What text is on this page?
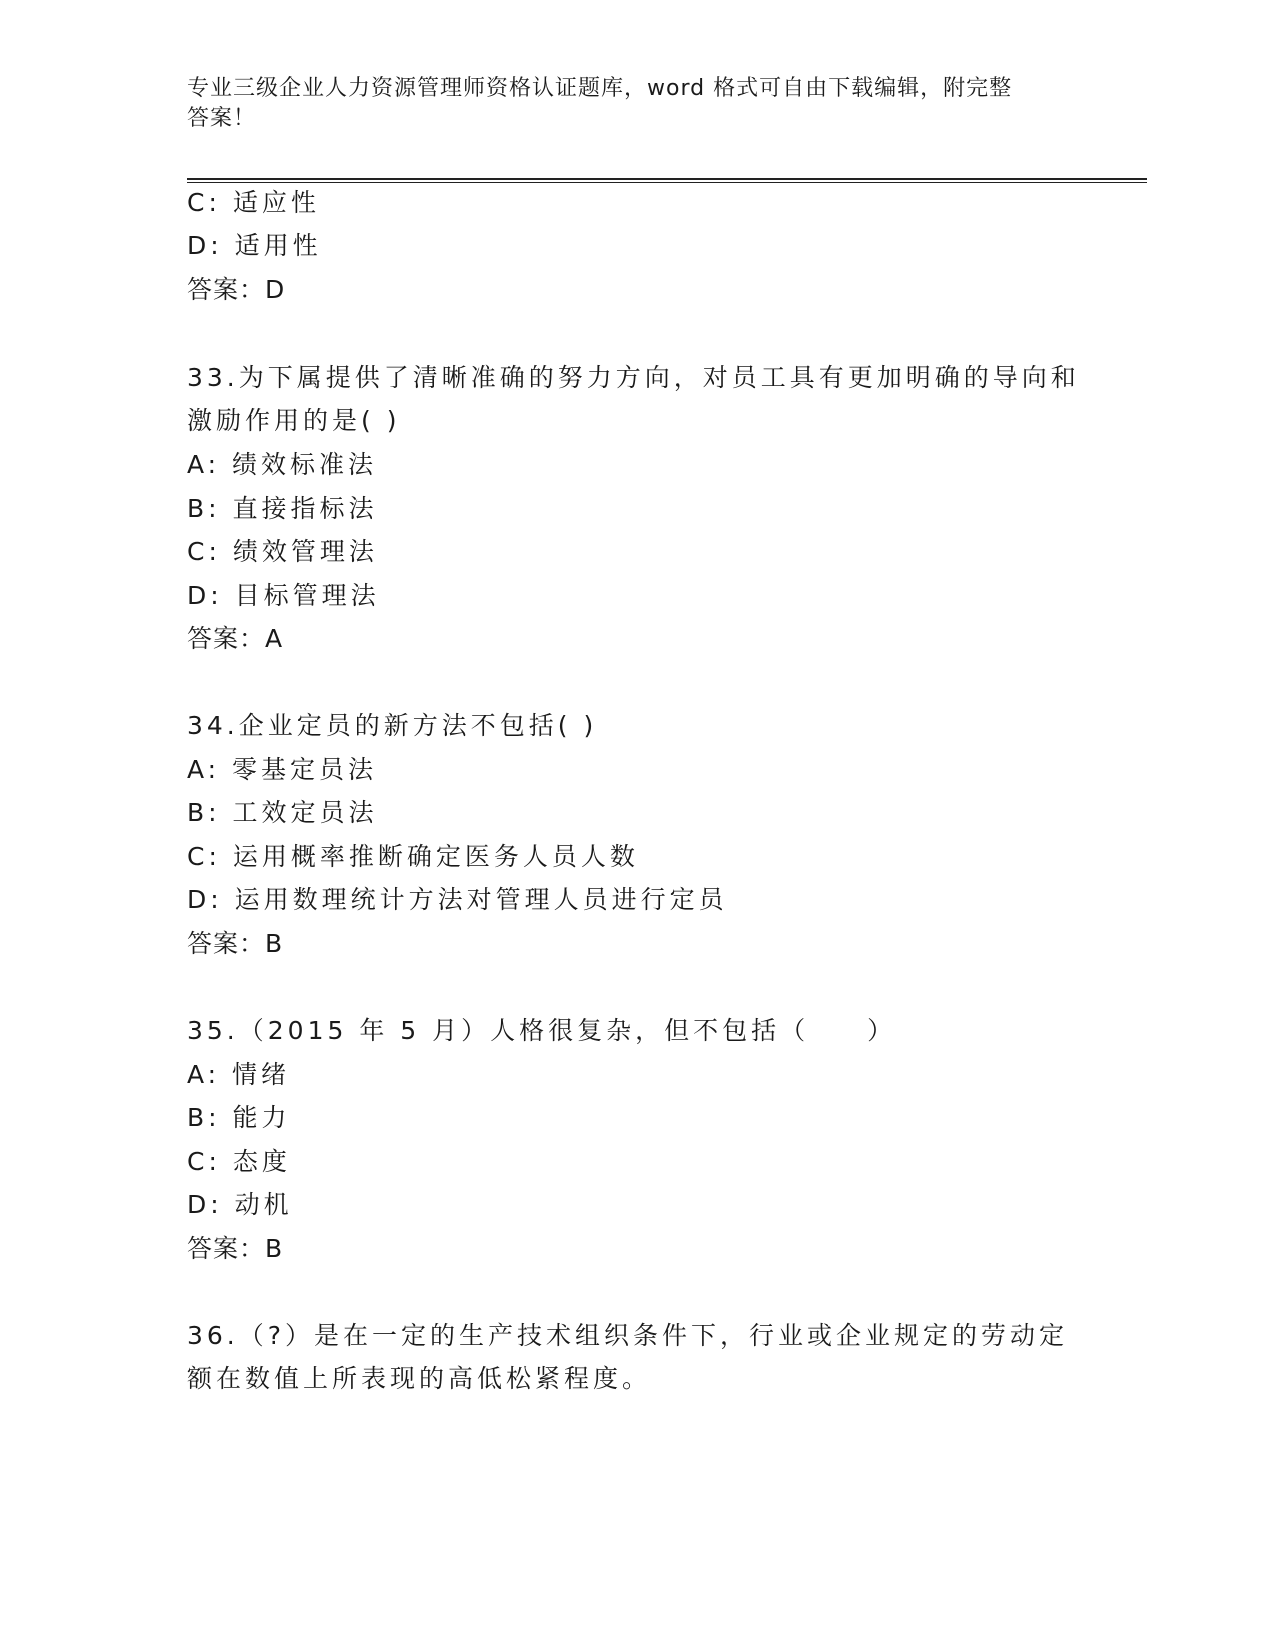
专业三级企业人力资源管理师资格认证题库，word 格式可自由下载编辑，附完整
答案！
C: 适应性
D: 适用性
答案：D
33.为下属提供了清晰准确的努力方向，对员工具有更加明确的导向和
激励作用的是( )
A: 绩效标准法
B: 直接指标法
C: 绩效管理法
D: 目标管理法
答案：A
34.企业定员的新方法不包括( )
A: 零基定员法
B: 工效定员法
C: 运用概率推断确定医务人员人数
D: 运用数理统计方法对管理人员进行定员
答案：B
35.（2015 年 5 月）人格很复杂，但不包括（　　）
A: 情绪
B: 能力
C: 态度
D: 动机
答案：B
36.（?）是在一定的生产技术组织条件下，行业或企业规定的劳动定
额在数值上所表现的高低松紧程度。
